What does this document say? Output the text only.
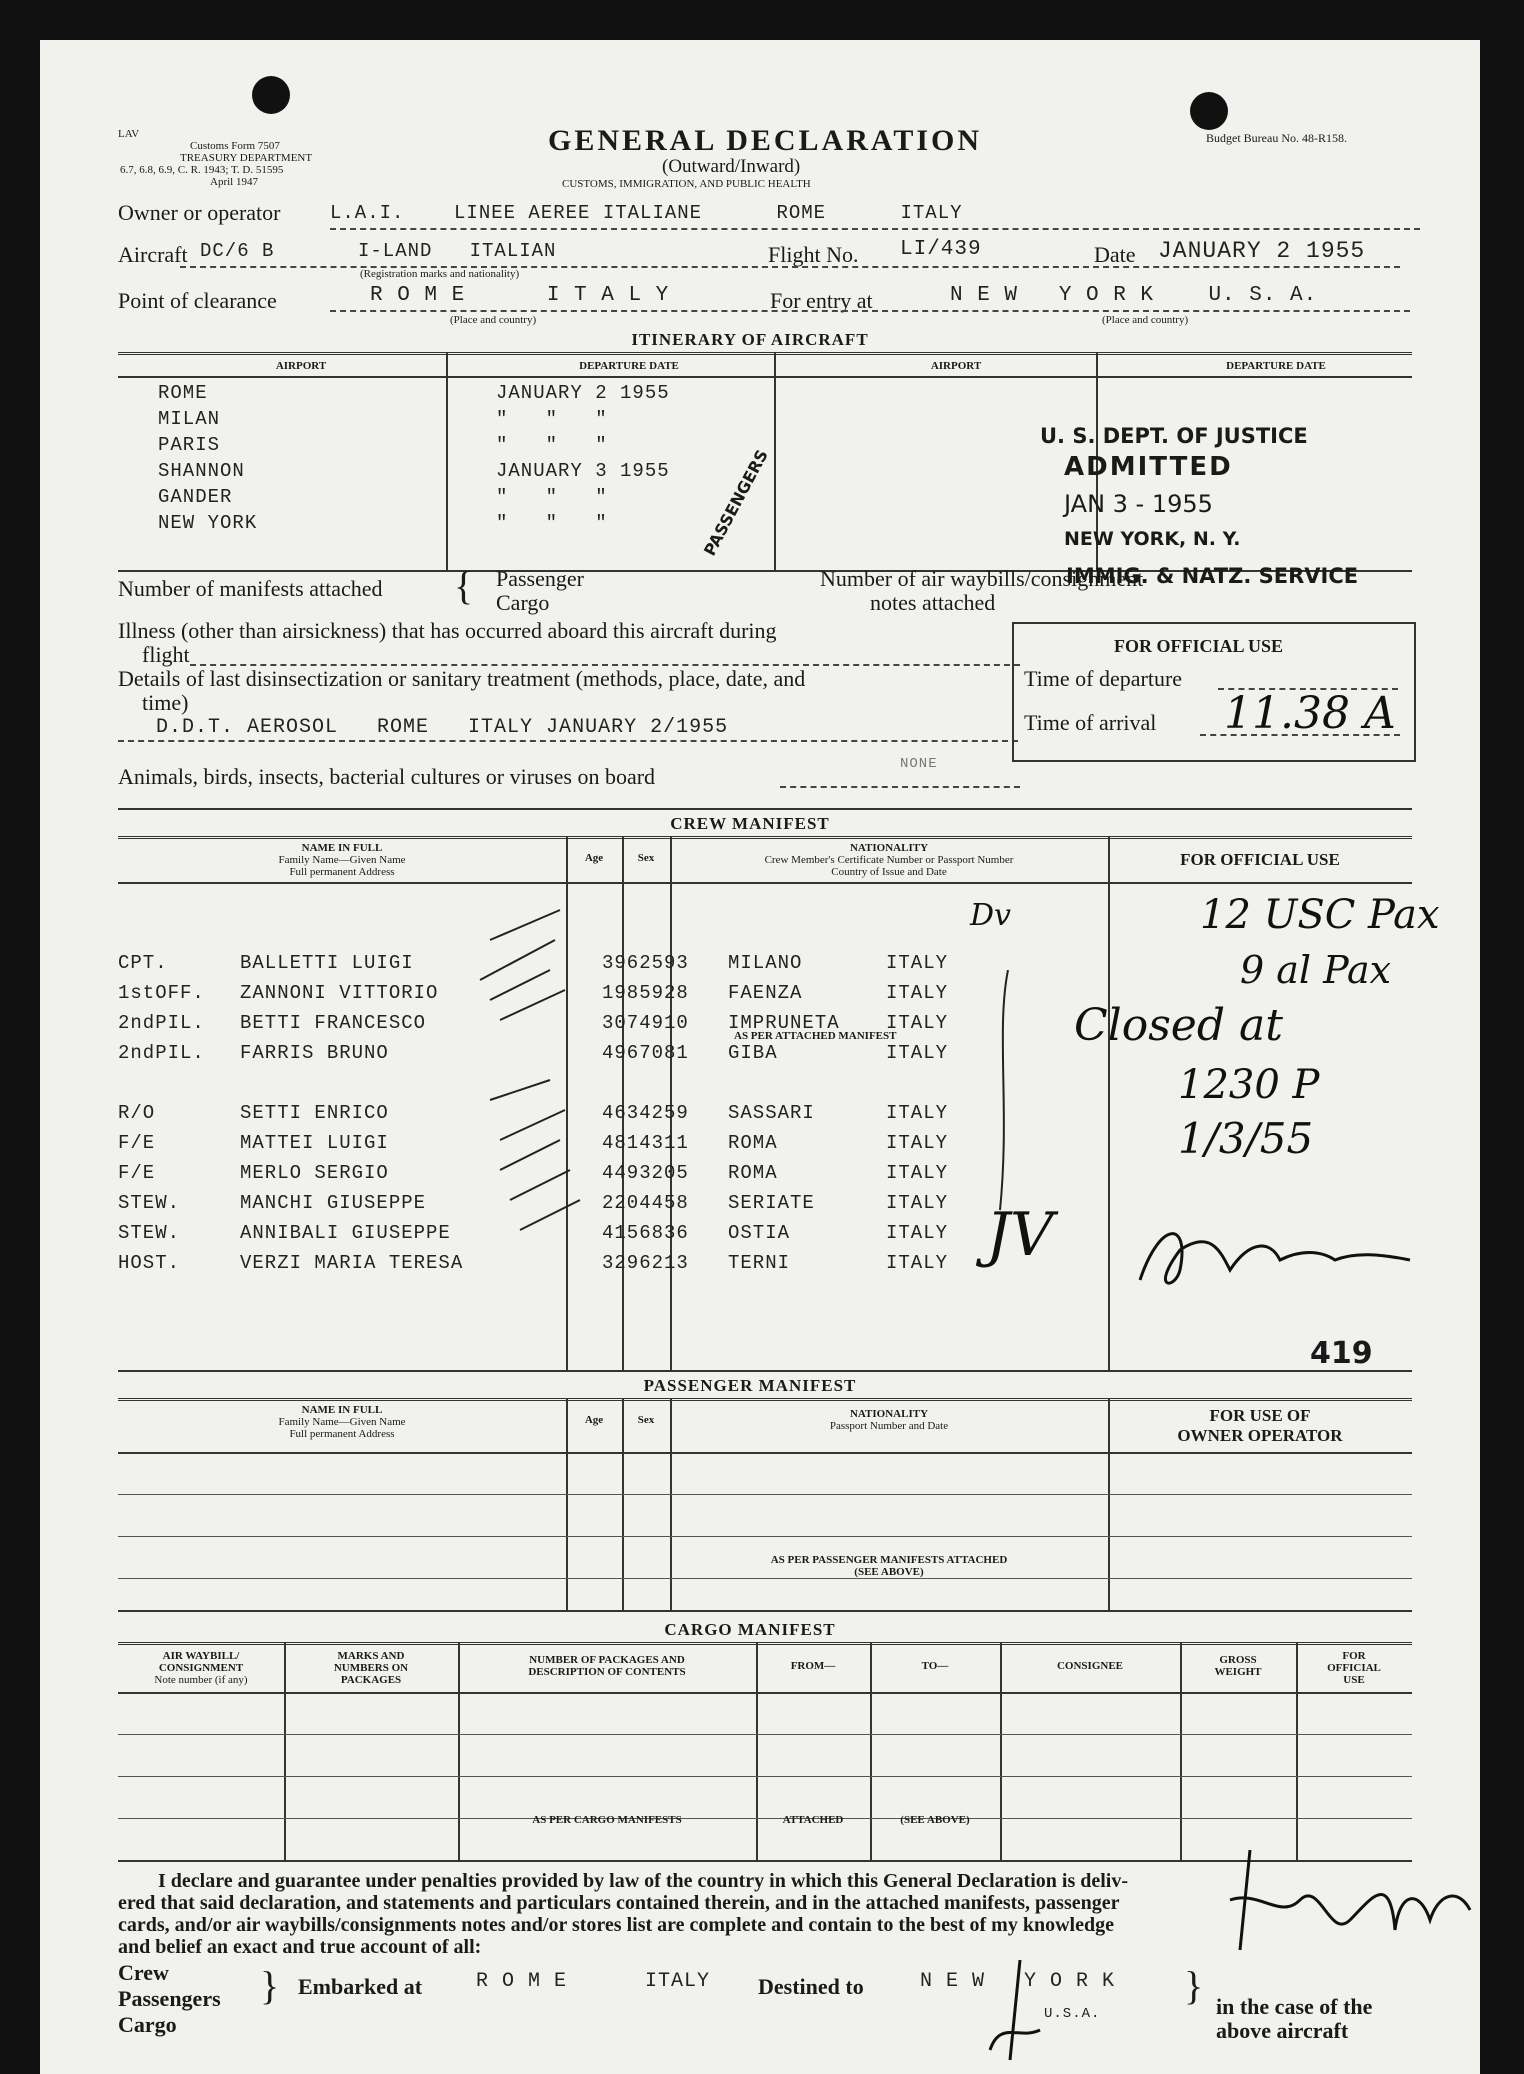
LAV
Customs Form 7507
TREASURY DEPARTMENT
6.7, 6.8, 6.9, C. R. 1943; T. D. 51595
April 1947
GENERAL DECLARATION
(Outward/Inward)
CUSTOMS, IMMIGRATION, AND PUBLIC HEALTH
Budget Bureau No. 48-R158.
Owner or operator	L.A.I.    LINEE AEREE ITALIANE      ROME      ITALY
Aircraft DC/6 B	I-LAND   ITALIAN
(Registration marks and nationality)
Flight No. LI/439	Date JANUARY 2 1955
Point of clearance	R O M E      I T A L Y
(Place and country)
For entry at	N E W   Y O R K    U. S. A.
(Place and country)
ITINERARY OF AIRCRAFT
AIRPORT	DEPARTURE DATE	AIRPORT	DEPARTURE DATE
ROME	JANUARY 2 1955
MILAN	"   "   "
PARIS	"   "   "
SHANNON	JANUARY 3 1955
GANDER	"   "   "
NEW YORK	"   "   "
U. S. DEPT. OF JUSTICE
ADMITTED
JAN 3 - 1955
NEW YORK, N. Y.
IMMIG. & NATZ. SERVICE
PASSENGERS
Number of manifests attached { Passenger
Cargo
Number of air waybills/consignment
notes attached
Illness (other than airsickness) that has occurred aboard this aircraft during
flight
Details of last disinsectization or sanitary treatment (methods, place, date, and
time)
D.D.T. AEROSOL   ROME   ITALY JANUARY 2/1955
Animals, birds, insects, bacterial cultures or viruses on board	NONE
FOR OFFICIAL USE
Time of departure
Time of arrival 11.38 A
CREW MANIFEST
NAME IN FULL
Family Name—Given Name
Full permanent Address
Age	Sex
NATIONALITY
Crew Member's Certificate Number or Passport Number
Country of Issue and Date
FOR OFFICIAL USE
CPT.	BALLETTI LUIGI	3962593 MILANO	ITALY
1stOFF. ZANNONI VITTORIO	1985928 FAENZA	ITALY
2ndPIL. BETTI FRANCESCO	3074910 IMPRUNETA ITALY
2ndPIL. FARRIS BRUNO	4967081 GIBA	ITALY
R/O	SETTI ENRICO	4634259 SASSARI	ITALY
F/E	MATTEI LUIGI	4814311 ROMA	ITALY
F/E	MERLO SERGIO	4493205 ROMA	ITALY
STEW.	MANCHI GIUSEPPE	2204458 SERIATE	ITALY
STEW.	ANNIBALI GIUSEPPE	4156836 OSTIA	ITALY
HOST.	VERZI MARIA TERESA	3296213 TERNI	ITALY
AS PER ATTACHED MANIFEST
12 USC Pax
9 al Pax
Closed at
1230 P
1/3/55
JV
Dv
419
PASSENGER MANIFEST
NAME IN FULL
Family Name—Given Name
Full permanent Address
Age	Sex	NATIONALITY
Passport Number and Date
FOR USE OF
OWNER OPERATOR
AS PER PASSENGER MANIFESTS ATTACHED
(SEE ABOVE)
CARGO MANIFEST
AIR WAYBILL/
CONSIGNMENT
Note number (if any)
MARKS AND
NUMBERS ON
PACKAGES
NUMBER OF PACKAGES AND
DESCRIPTION OF CONTENTS	FROM—	TO—	CONSIGNEE	GROSS
WEIGHT
FOR
OFFICIAL
USE
AS PER CARGO MANIFESTS	ATTACHED	(SEE ABOVE)
I declare and guarantee under penalties provided by law of the country in which this General Declaration is deliv-
ered that said declaration, and statements and particulars contained therein, and in the attached manifests, passenger
cards, and/or air waybills/consignments notes and/or stores list are complete and contain to the best of my knowledge
and belief an exact and true account of all:
Crew
Passengers
Cargo
} Embarked at	R O M E      ITALY Destined to	N E W   Y O R K
U.S.A.
} in the case of the
above aircraft
